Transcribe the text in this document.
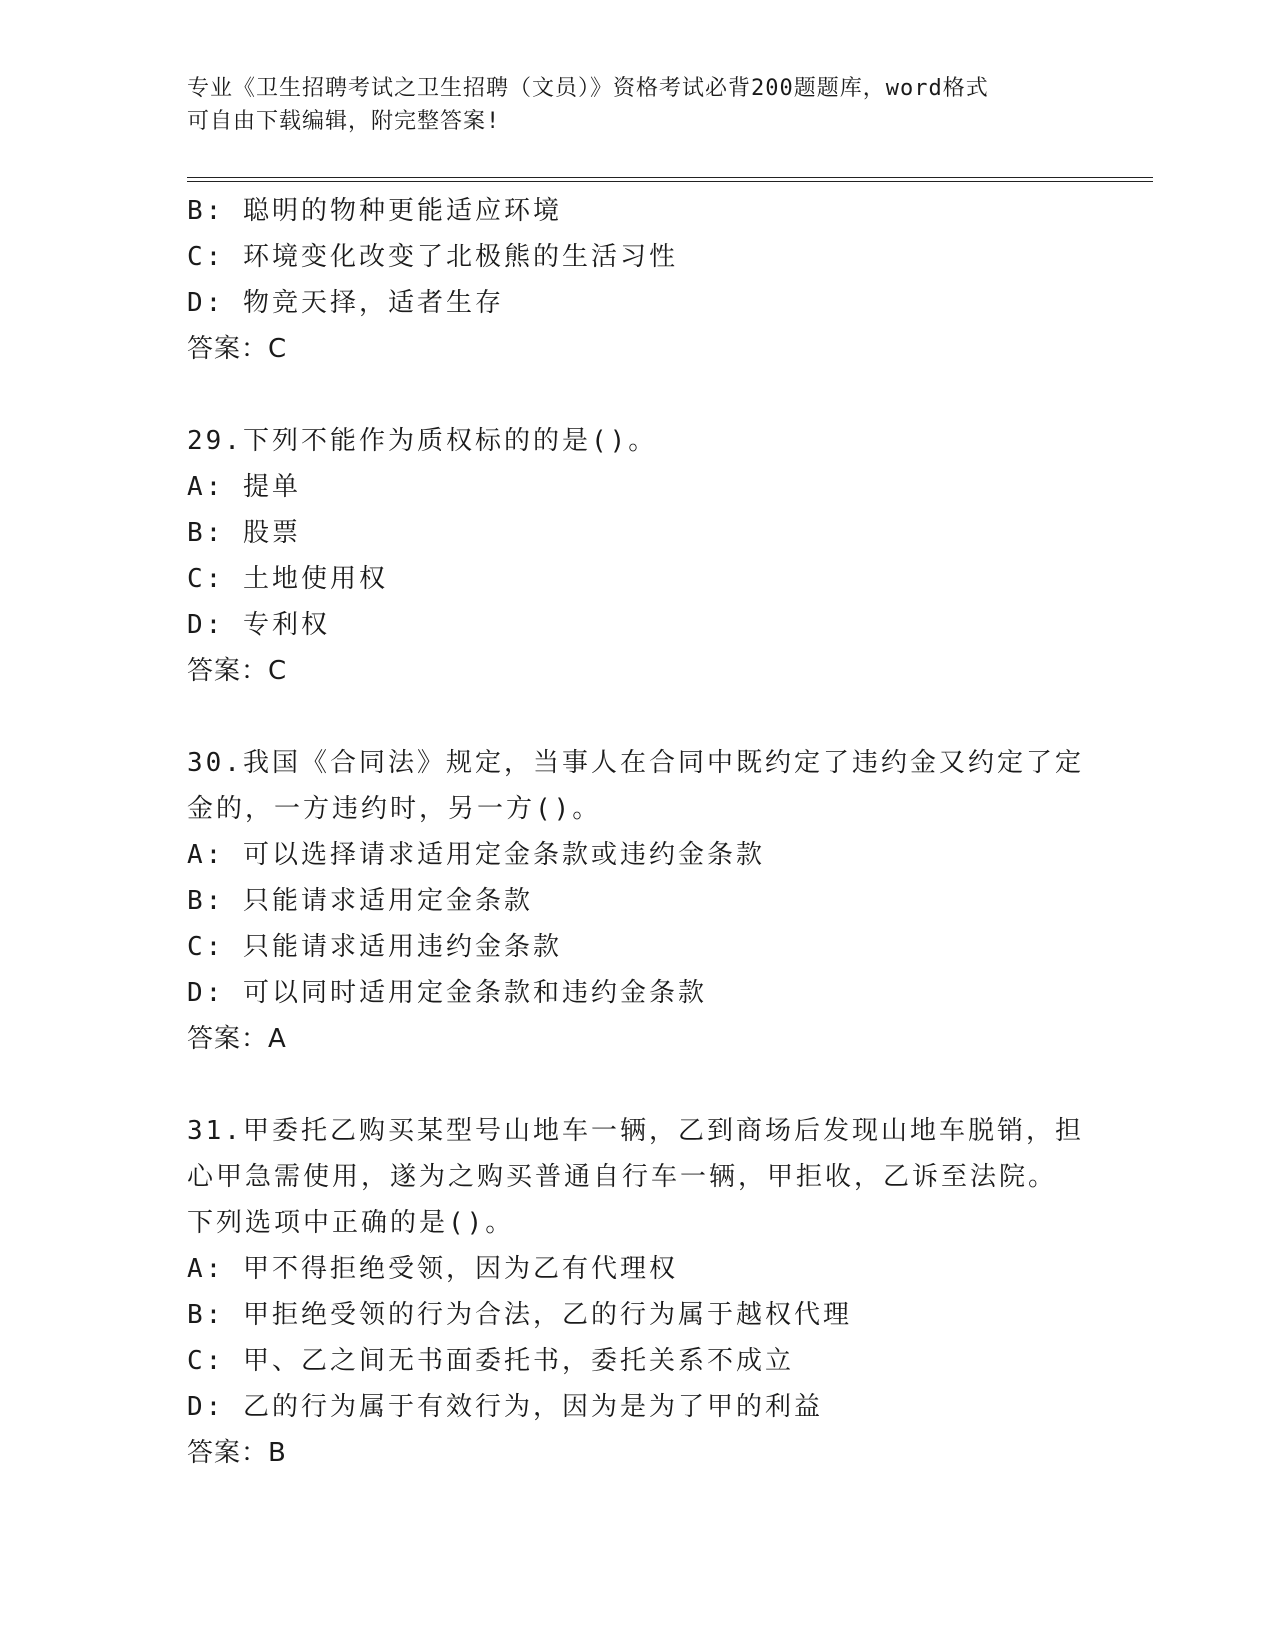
专业《卫生招聘考试之卫生招聘（文员）》资格考试必背200题题库，word格式
可自由下载编辑，附完整答案!
B: 聪明的物种更能适应环境
C: 环境变化改变了北极熊的生活习性
D: 物竞天择，适者生存
答案：C
29.下列不能作为质权标的的是()。
A: 提单
B: 股票
C: 土地使用权
D: 专利权
答案：C
30.我国《合同法》规定，当事人在合同中既约定了违约金又约定了定
金的，一方违约时，另一方()。
A: 可以选择请求适用定金条款或违约金条款
B: 只能请求适用定金条款
C: 只能请求适用违约金条款
D: 可以同时适用定金条款和违约金条款
答案：A
31.甲委托乙购买某型号山地车一辆，乙到商场后发现山地车脱销，担
心甲急需使用，遂为之购买普通自行车一辆，甲拒收，乙诉至法院。
下列选项中正确的是()。
A: 甲不得拒绝受领，因为乙有代理权
B: 甲拒绝受领的行为合法，乙的行为属于越权代理
C: 甲、乙之间无书面委托书，委托关系不成立
D: 乙的行为属于有效行为，因为是为了甲的利益
答案：B
